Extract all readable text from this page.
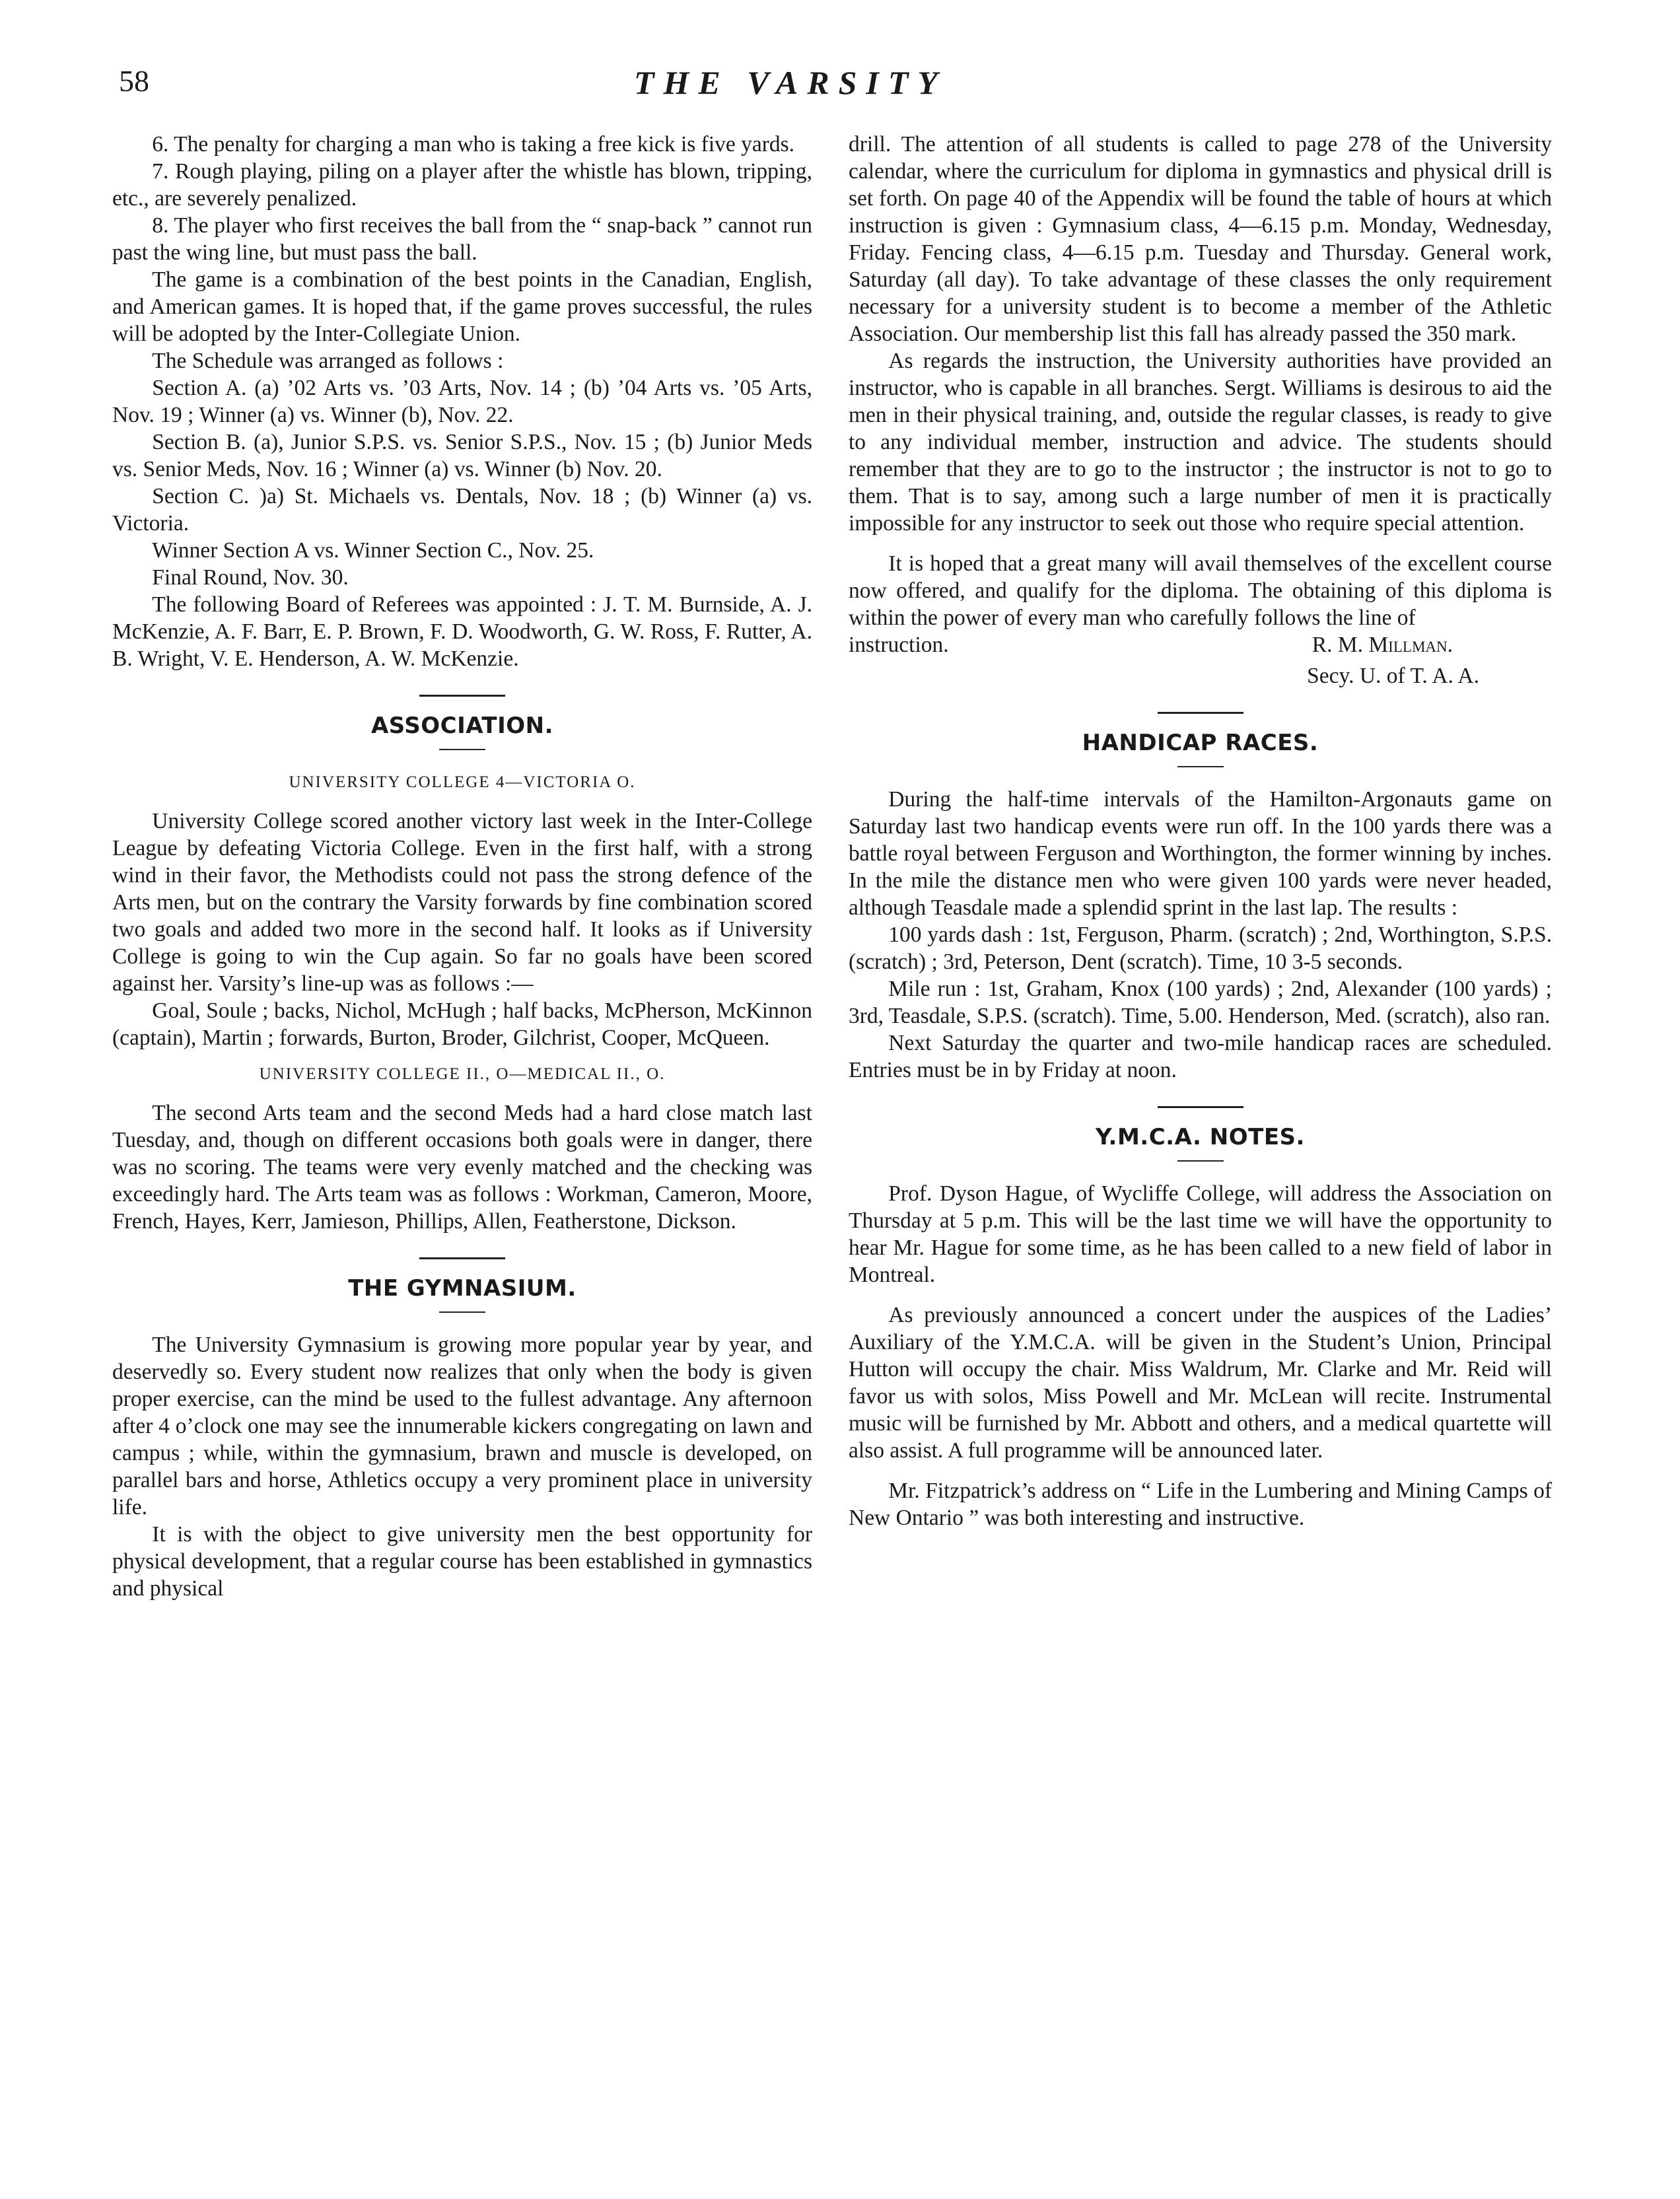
58	THE VARSITY

6. The penalty for charging a man who is taking a free kick is five yards.

7. Rough playing, piling on a player after the whistle has blown, tripping, etc., are severely penalized.

8. The player who first receives the ball from the “ snap-back ” cannot run past the wing line, but must pass the ball.

The game is a combination of the best points in the Canadian, English, and American games. It is hoped that, if the game proves successful, the rules will be adopted by the Inter-Collegiate Union.

The Schedule was arranged as follows :

Section A. (a) ’02 Arts vs. ’03 Arts, Nov. 14 ; (b) ’04 Arts vs. ’05 Arts, Nov. 19 ; Winner (a) vs. Winner (b), Nov. 22.

Section B. (a), Junior S.P.S. vs. Senior S.P.S., Nov. 15 ; (b) Junior Meds vs. Senior Meds, Nov. 16 ; Winner (a) vs. Winner (b) Nov. 20.

Section C. )a) St. Michaels vs. Dentals, Nov. 18 ; (b) Winner (a) vs. Victoria.

Winner Section A vs. Winner Section C., Nov. 25.

Final Round, Nov. 30.

The following Board of Referees was appointed : J. T. M. Burnside, A. J. McKenzie, A. F. Barr, E. P. Brown, F. D. Woodworth, G. W. Ross, F. Rutter, A. B. Wright, V. E. Henderson, A. W. McKenzie.

ASSOCIATION.
UNIVERSITY COLLEGE 4—VICTORIA O.

University College scored another victory last week in the Inter-College League by defeating Victoria College. Even in the first half, with a strong wind in their favor, the Methodists could not pass the strong defence of the Arts men, but on the contrary the Varsity forwards by fine combination scored two goals and added two more in the second half. It looks as if University College is going to win the Cup again. So far no goals have been scored against her. Varsity’s line-up was as follows :—

Goal, Soule ; backs, Nichol, McHugh ; half backs, McPherson, McKinnon (captain), Martin ; forwards, Burton, Broder, Gilchrist, Cooper, McQueen.

UNIVERSITY COLLEGE II., O—MEDICAL II., O.

The second Arts team and the second Meds had a hard close match last Tuesday, and, though on different occasions both goals were in danger, there was no scoring. The teams were very evenly matched and the checking was exceedingly hard. The Arts team was as follows : Workman, Cameron, Moore, French, Hayes, Kerr, Jamieson, Phillips, Allen, Featherstone, Dickson.

THE GYMNASIUM.

The University Gymnasium is growing more popular year by year, and deservedly so. Every student now realizes that only when the body is given proper exercise, can the mind be used to the fullest advantage. Any afternoon after 4 o’clock one may see the innumerable kickers congregating on lawn and campus ; while, within the gymnasium, brawn and muscle is developed, on parallel bars and horse, Athletics occupy a very prominent place in university life.

It is with the object to give university men the best opportunity for physical development, that a regular course has been established in gymnastics and physical

drill. The attention of all students is called to page 278 of the University calendar, where the curriculum for diploma in gymnastics and physical drill is set forth. On page 40 of the Appendix will be found the table of hours at which instruction is given : Gymnasium class, 4—6.15 p.m. Monday, Wednesday, Friday. Fencing class, 4—6.15 p.m. Tuesday and Thursday. General work, Saturday (all day). To take advantage of these classes the only requirement necessary for a university student is to become a member of the Athletic Association. Our membership list this fall has already passed the 350 mark.

As regards the instruction, the University authorities have provided an instructor, who is capable in all branches. Sergt. Williams is desirous to aid the men in their physical training, and, outside the regular classes, is ready to give to any individual member, instruction and advice. The students should remember that they are to go to the instructor ; the instructor is not to go to them. That is to say, among such a large number of men it is practically impossible for any instructor to seek out those who require special attention.

It is hoped that a great many will avail themselves of the excellent course now offered, and qualify for the diploma. The obtaining of this diploma is within the power of every man who carefully follows the line of

instruction.	R. M. Millman.
Secy. U. of T. A. A.
HANDICAP RACES.

During the half-time intervals of the Hamilton-Argonauts game on Saturday last two handicap events were run off. In the 100 yards there was a battle royal between Ferguson and Worthington, the former winning by inches. In the mile the distance men who were given 100 yards were never headed, although Teasdale made a splendid sprint in the last lap. The results :

100 yards dash : 1st, Ferguson, Pharm. (scratch) ; 2nd, Worthington, S.P.S. (scratch) ; 3rd, Peterson, Dent (scratch). Time, 10 3-5 seconds.

Mile run : 1st, Graham, Knox (100 yards) ; 2nd, Alexander (100 yards) ; 3rd, Teasdale, S.P.S. (scratch). Time, 5.00. Henderson, Med. (scratch), also ran.

Next Saturday the quarter and two-mile handicap races are scheduled. Entries must be in by Friday at noon.

Y.M.C.A. NOTES.

Prof. Dyson Hague, of Wycliffe College, will address the Association on Thursday at 5 p.m. This will be the last time we will have the opportunity to hear Mr. Hague for some time, as he has been called to a new field of labor in Montreal.

As previously announced a concert under the auspices of the Ladies’ Auxiliary of the Y.M.C.A. will be given in the Student’s Union, Principal Hutton will occupy the chair. Miss Waldrum, Mr. Clarke and Mr. Reid will favor us with solos, Miss Powell and Mr. McLean will recite. Instrumental music will be furnished by Mr. Abbott and others, and a medical quartette will also assist. A full programme will be announced later.

Mr. Fitzpatrick’s address on “ Life in the Lumbering and Mining Camps of New Ontario ” was both interesting and instructive.
